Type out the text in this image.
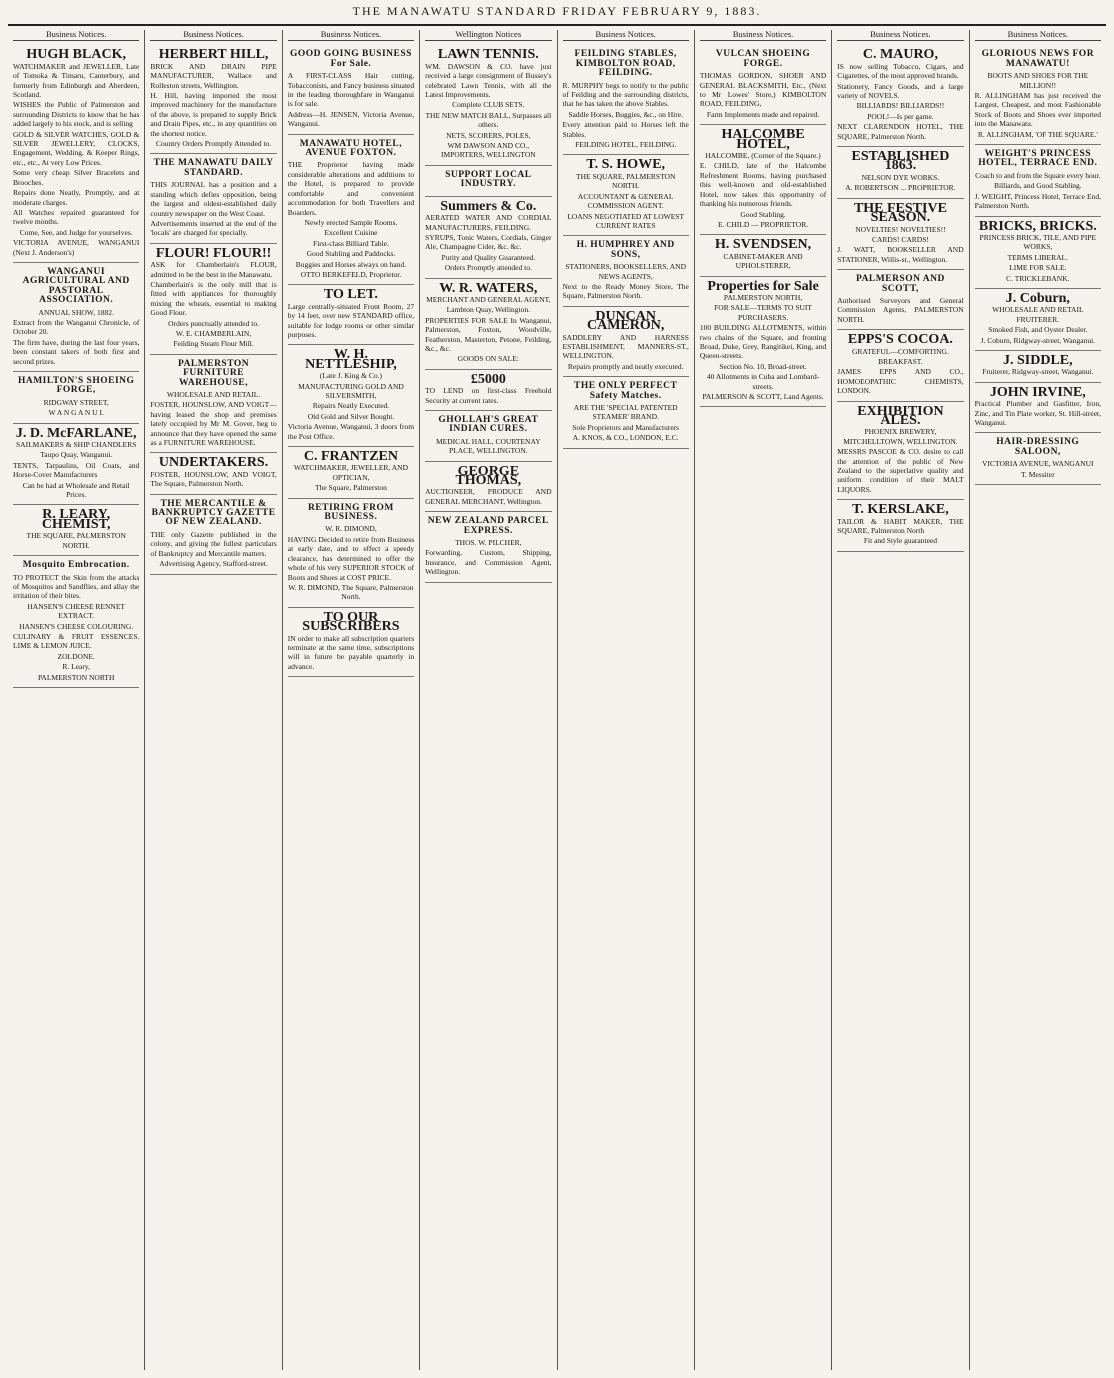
THE MANAWATU STANDARD FRIDAY FEBRUARY 9, 1883.
Business Notices.
HUGH BLACK,

WATCHMAKER and JEWELLER, Late of Tomoka & Timaru, Canterbury, and formerly from Edinburgh and Aberdeen, Scotland.

WISHES the Public of Palmerston and surrounding Districts to know that he has added largely to his stock, and is selling

GOLD & SILVER WATCHES, GOLD & SILVER JEWELLERY, CLOCKS, Engagement, Wedding, & Keeper Rings, etc., etc., At very Low Prices.

Some very cheap Silver Bracelets and Brooches.

Repairs done Neatly, Promptly, and at moderate charges.

All Watches repaired guaranteed for twelve months.

Come, See, and Judge for yourselves.

VICTORIA AVENUE, WANGANUI (Next J. Anderson's)

WANGANUI AGRICULTURAL AND PASTORAL ASSOCIATION.

ANNUAL SHOW, 1882.

Extract from the Wanganui Chronicle, of October 20.

The firm have, during the last four years, been constant takers of both first and second prizes.

HAMILTON'S SHOEING FORGE,

RIDGWAY STREET,

W A N G A N U I.

J. D. McFARLANE,

SAILMAKERS & SHIP CHANDLERS

Taupo Quay, Wanganui.

TENTS, Tarpaulins, Oil Coats, and Horse-Cover Manufacturers

Can be had at Wholesale and Retail Prices.

R. LEARY, CHEMIST,

THE SQUARE, PALMERSTON NORTH.

Mosquito Embrocation.

TO PROTECT the Skin from the attacks of Mosquitos and Sandflies, and allay the irritation of their bites.

HANSEN'S CHEESE RENNET EXTRACT.

HANSEN'S CHEESE COLOURING.

CULINARY & FRUIT ESSENCES. LIME & LEMON JUICE.

ZOLDONE.

R. Leary,

PALMERSTON NORTH

Business Notices.
HERBERT HILL,

BRICK AND DRAIN PIPE MANUFACTURER, Wallace and Rolleston streets, Wellington.

H. Hill, having imported the most improved machinery for the manufacture of the above, is prepared to supply Brick and Drain Pipes, etc., in any quantities on the shortest notice.

Country Orders Promptly Attended to.

THE MANAWATU DAILY STANDARD.

THIS JOURNAL has a position and a standing which defies opposition, being the largest and oldest-established daily country newspaper on the West Coast.

Advertisements inserted at the end of the 'locals' are charged for specially.

FLOUR! FLOUR!!

ASK for Chamberlain's FLOUR, admitted to be the best in the Manawatu.

Chamberlain's is the only mill that is fitted with appliances for thoroughly mixing the wheats, essential to making Good Flour.

Orders punctually attended to.

W. E. CHAMBERLAIN,

Feilding Steam Flour Mill.

PALMERSTON FURNITURE WAREHOUSE,

WHOLESALE AND RETAIL.

FOSTER, HOUNSLOW, AND VOIGT—having leased the shop and premises lately occupied by Mr M. Gover, beg to announce that they have opened the same as a FURNITURE WAREHOUSE.

UNDERTAKERS.

FOSTER, HOUNSLOW, AND VOIGT, The Square, Palmerston North.

THE MERCANTILE & BANKRUPTCY GAZETTE OF NEW ZEALAND.

THE only Gazette published in the colony, and giving the fullest particulars of Bankruptcy and Mercantile matters.

Advertising Agency, Stafford-street.

Business Notices.
GOOD GOING BUSINESS For Sale.

A FIRST-CLASS Hair cutting, Tobacconists, and Fancy business situated in the leading thoroughfare in Wanganui is for sale.

Address—H. JENSEN, Victoria Avenue, Wanganui.

MANAWATU HOTEL, AVENUE FOXTON.

THE Proprietor having made considerable alterations and additions to the Hotel, is prepared to provide comfortable and convenient accommodation for both Travellers and Boarders.

Newly erected Sample Rooms.

Excellent Cuisine

First-class Billiard Table.

Good Stabling and Paddocks.

Buggies and Horses always on hand.

OTTO BERKEFELD, Proprietor.

TO LET.

Large centrally-situated Front Room, 27 by 14 feet, over new STANDARD office, suitable for lodge rooms or other similar purposes.

W. H. NETTLESHIP,

(Late J. King & Co.)

MANUFACTURING GOLD AND SILVERSMITH,

Repairs Neatly Executed.

Old Gold and Silver Bought.

Victoria Avenue, Wanganui, 3 doors from the Post Office.

C. FRANTZEN

WATCHMAKER, JEWELLER, AND OPTICIAN,

The Square, Palmerston

RETIRING FROM BUSINESS.

W. R. DIMOND,

HAVING Decided to retire from Business at early date, and to effect a speedy clearance, has determined to offer the whole of his very SUPERIOR STOCK of Boots and Shoes at COST PRICE.

W. R. DIMOND, The Square, Palmerston North.

TO OUR SUBSCRIBERS

IN order to make all subscription quarters terminate at the same time, subscriptions will in future be payable quarterly in advance.

Wellington Notices
LAWN TENNIS.

WM. DAWSON & CO. have just received a large consignment of Bussey's celebrated Lawn Tennis, with all the Latest Improvements.

Complete CLUB SETS.

THE NEW MATCH BALL, Surpasses all others.

NETS, SCORERS, POLES,

WM DAWSON AND CO., IMPORTERS, WELLINGTON

SUPPORT LOCAL INDUSTRY.
Summers & Co.

AERATED WATER AND CORDIAL MANUFACTURERS, FEILDING.

SYRUPS, Tonic Waters, Cordials, Ginger Ale, Champagne Cider, &c. &c.

Purity and Quality Guaranteed.

Orders Promptly attended to.

W. R. WATERS,

MERCHANT AND GENERAL AGENT,

Lambton Quay, Wellington.

PROPERTIES FOR SALE In Wanganui, Palmerston, Foxton, Woodville, Featherston, Masterton, Petone, Feilding, &c., &c.

GOODS ON SALE:

£5000

TO LEND on first-class Freehold Security at current rates.

GHOLLAH'S GREAT INDIAN CURES.

MEDICAL HALL, COURTENAY PLACE, WELLINGTON.

GEORGE THOMAS,

AUCTIONEER, PRODUCE AND GENERAL MERCHANT, Wellington.

NEW ZEALAND PARCEL EXPRESS.

THOS. W. PILCHER,

Forwarding, Custom, Shipping, Insurance, and Commission Agent, Wellington.

Business Notices.
FEILDING STABLES, KIMBOLTON ROAD, FEILDING.

R. MURPHY begs to notify to the public of Feilding and the surrounding districts, that he has taken the above Stables.

Saddle Horses, Buggies, &c., on Hire.

Every attention paid to Horses left the Stables.

FEILDING HOTEL, FEILDING.

T. S. HOWE,

THE SQUARE, PALMERSTON NORTH.

ACCOUNTANT & GENERAL COMMISSION AGENT.

LOANS NEGOTIATED AT LOWEST CURRENT RATES

H. HUMPHREY AND SONS,

STATIONERS, BOOKSELLERS, AND NEWS AGENTS,

Next to the Ready Money Store, The Square, Palmerston North.

DUNCAN CAMERON,

SADDLERY AND HARNESS ESTABLISHMENT, MANNERS-ST., WELLINGTON.

Repairs promptly and neatly executed.

THE ONLY PERFECT Safety Matches.

ARE THE 'SPECIAL PATENTED STEAMER' BRAND.

Sole Proprietors and Manufacturers

A. KNOS, & CO., LONDON, E.C.

Business Notices.
VULCAN SHOEING FORGE.

THOMAS GORDON, SHOER AND GENERAL BLACKSMITH, Etc., (Next to Mr Lowes' Store,) KIMBOLTON ROAD, FEILDING,

Farm Implements made and repaired.

HALCOMBE HOTEL,

HALCOMBE, (Corner of the Square.)

E. CHILD, late of the Halcombe Refreshment Rooms, having purchased this well-known and old-established Hotel, now takes this opportunity of thanking his numerous friends.

Good Stabling.

E. CHILD — PROPRIETOR.

H. SVENDSEN,

CABINET-MAKER AND UPHOLSTERER,

Properties for Sale

PALMERSTON NORTH,

FOR SALE—TERMS TO SUIT PURCHASERS.

100 BUILDING ALLOTMENTS, within two chains of the Square, and fronting Broad, Duke, Grey, Rangitikei, King, and Queen-streets.

Section No. 10, Broad-street.

40 Allotments in Cuba and Lombard-streets.

PALMERSON & SCOTT, Land Agents.

Business Notices.
C. MAURO,

IS now selling Tobacco, Cigars, and Cigarettes, of the most approved brands.

Stationery, Fancy Goods, and a large variety of NOVELS.

BILLIARDS! BILLIARDS!!

POOL!—Is per game.

NEXT CLARENDON HOTEL, THE SQUARE, Palmerston North.

ESTABLISHED 1863.

NELSON DYE WORKS.

A. ROBERTSON ... PROPRIETOR.

THE FESTIVE SEASON.

NOVELTIES! NOVELTIES!!

CARDS! CARDS!

J. WATT, BOOKSELLER AND STATIONER, Willis-st., Wellington.

PALMERSON AND SCOTT,

Authorised Surveyors and General Commission Agents, PALMERSTON NORTH.

EPPS'S COCOA.

GRATEFUL—COMFORTING.

BREAKFAST.

JAMES EPPS AND CO., HOMOEOPATHIC CHEMISTS, LONDON.

EXHIBITION ALES.

PHOENIX BREWERY, MITCHELLTOWN, WELLINGTON.

MESSRS PASCOE & CO. desire to call the attention of the public of New Zealand to the superlative quality and uniform condition of their MALT LIQUORS.

T. KERSLAKE,

TAILOR & HABIT MAKER, THE SQUARE, Palmerston North

Fit and Style guaranteed

Business Notices.
GLORIOUS NEWS FOR MANAWATU!

BOOTS AND SHOES FOR THE MILLION!!

R. ALLINGHAM has just received the Largest, Cheapest, and most Fashionable Stock of Boots and Shoes ever imported into the Manawatu.

R. ALLINGHAM, 'OF THE SQUARE.'

WEIGHT'S PRINCESS HOTEL, TERRACE END.

Coach to and from the Square every hour.

Billiards, and Good Stabling.

J. WEIGHT, Princess Hotel, Terrace End, Palmerston North.

BRICKS, BRICKS.

PRINCESS BRICK, TILE, AND PIPE WORKS,

TERMS LIBERAL.

LIME FOR SALE.

C. TRICKLEBANK.

J. Coburn,

WHOLESALE AND RETAIL FRUITERER.

Smoked Fish, and Oyster Dealer.

J. Coburn, Ridgway-street, Wanganui.

J. SIDDLE,

Fruiterer, Ridgway-street, Wanganui.

JOHN IRVINE,

Practical Plumber and Gasfitter, Iron, Zinc, and Tin Plate worker, St. Hill-street, Wanganui.

HAIR-DRESSING SALOON,

VICTORIA AVENUE, WANGANUI

T. Messiter
